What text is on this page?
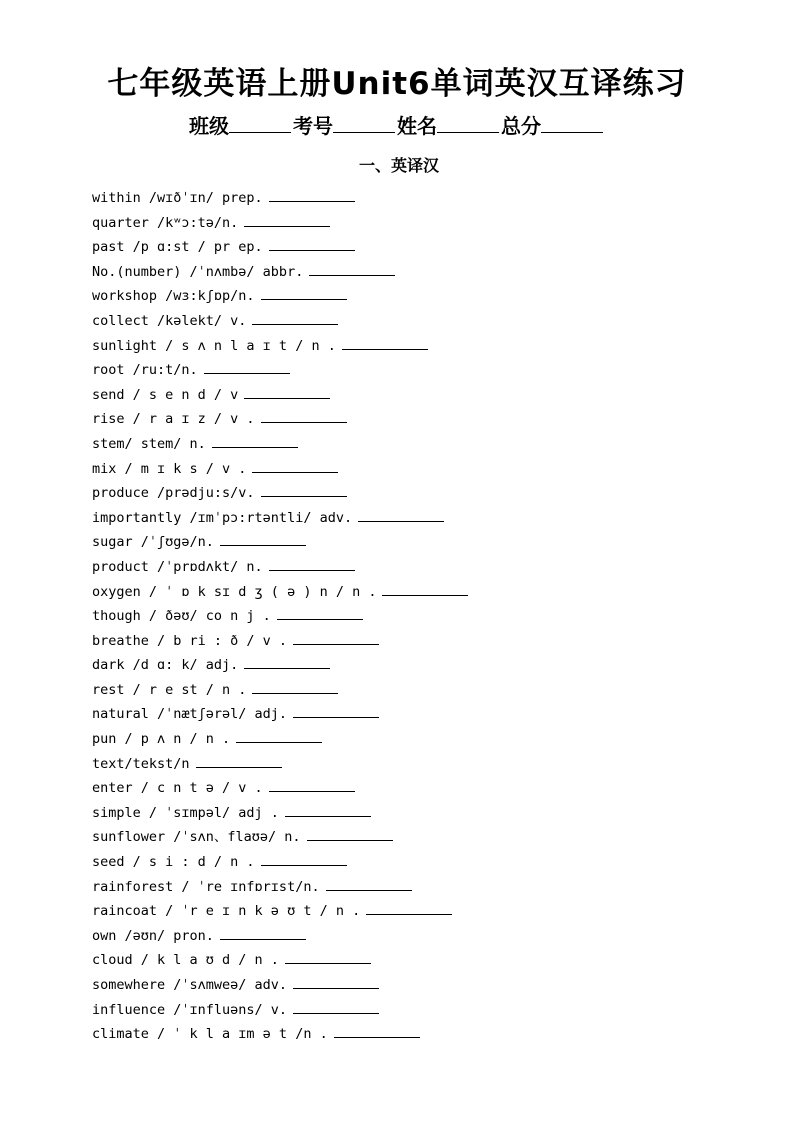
七年级英语上册Unit6单词英汉互译练习
班级	考号	姓名	总分
一、英译汉
within /wɪðˈɪn/ prep.
quarter /kʷɔ:tə/n.
past /p ɑ:st / pr ep.
No.(number) /ˈnʌmbə/ abbr.
workshop /wɜ:kʃɒp/n.
collect /kəlekt/ v.
sunlight / s ʌ n l a ɪ t / n .
root /ru:t/n.
send / s e n d / v
rise / r a ɪ z / v .
stem/ stem/ n.
mix / m ɪ k s / v .
produce /prədju:s/v.
importantly /ɪmˈpɔ:rtəntli/ adv.
sugar /ˈʃʊgə/n.
product /ˈprɒdʌkt/ n.
oxygen / ˈ ɒ k sɪ d ʒ ( ə ) n / n .
though / ðəʊ/ co n j .
breathe / b ri : ð / v .
dark /d ɑ: k/ adj.
rest / r e st / n .
natural /ˈnætʃərəl/ adj.
pun / p ʌ n / n .
text/tekst/n
enter / c n t ə / v .
simple / ˈsɪmpəl/ adj .
sunflower /ˈsʌn、flaʊə/ n.
seed / s i : d / n .
rainforest / ˈre ɪnfɒrɪst/n.
raincoat / ˈr e ɪ n k ə ʊ t / n .
own /əʊn/ pron.
cloud / k l a ʊ d / n .
somewhere /ˈsʌmweə/ adv.
influence /ˈɪnfluəns/ v.
climate / ˈ k l a ɪm ə t /n .
